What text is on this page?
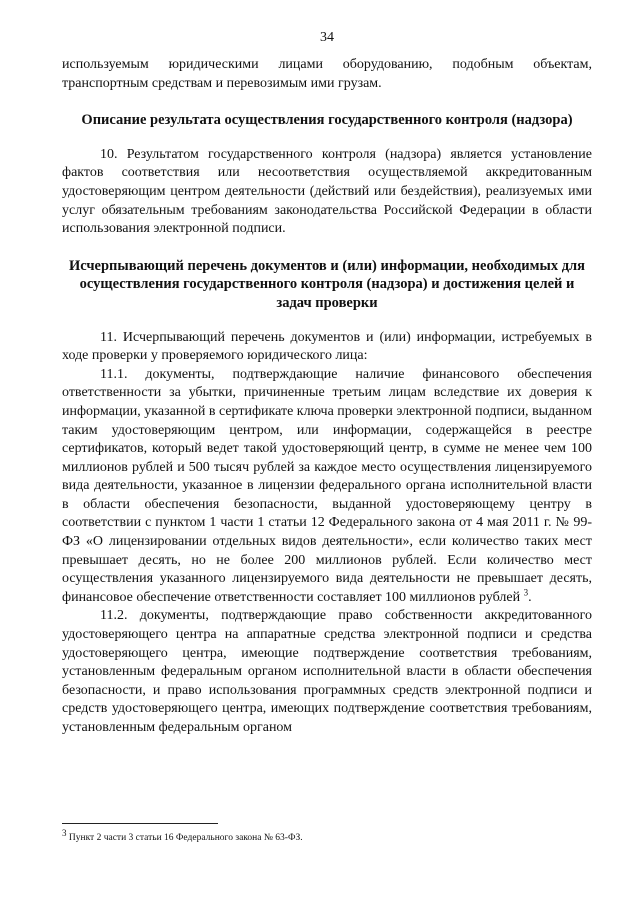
34

используемым юридическими лицами оборудованию, подобным объектам, транспортным средствам и перевозимым ими грузам.

Описание результата осуществления государственного контроля (надзора)

10. Результатом государственного контроля (надзора) является установление фактов соответствия или несоответствия осуществляемой аккредитованным удостоверяющим центром деятельности (действий или бездействия), реализуемых ими услуг обязательным требованиям законодательства Российской Федерации в области использования электронной подписи.

Исчерпывающий перечень документов и (или) информации, необходимых для осуществления государственного контроля (надзора) и достижения целей и задач проверки

11. Исчерпывающий перечень документов и (или) информации, истребуемых в ходе проверки у проверяемого юридического лица:

11.1. документы, подтверждающие наличие финансового обеспечения ответственности за убытки, причиненные третьим лицам вследствие их доверия к информации, указанной в сертификате ключа проверки электронной подписи, выданном таким удостоверяющим центром, или информации, содержащейся в реестре сертификатов, который ведет такой удостоверяющий центр, в сумме не менее чем 100 миллионов рублей и 500 тысяч рублей за каждое место осуществления лицензируемого вида деятельности, указанное в лицензии федерального органа исполнительной власти в области обеспечения безопасности, выданной удостоверяющему центру в соответствии с пунктом 1 части 1 статьи 12 Федерального закона от 4 мая 2011 г. № 99-ФЗ «О лицензировании отдельных видов деятельности», если количество таких мест превышает десять, но не более 200 миллионов рублей. Если количество мест осуществления указанного лицензируемого вида деятельности не превышает десять, финансовое обеспечение ответственности составляет 100 миллионов рублей $^3$.

11.2. документы, подтверждающие право собственности аккредитованного удостоверяющего центра на аппаратные средства электронной подписи и средства удостоверяющего центра, имеющие подтверждение соответствия требованиям, установленным федеральным органом исполнительной власти в области обеспечения безопасности, и право использования программных средств электронной подписи и средств удостоверяющего центра, имеющих подтверждение соответствия требованиям, установленным федеральным органом

$^3$ Пункт 2 части 3 статьи 16 Федерального закона № 63-ФЗ.
